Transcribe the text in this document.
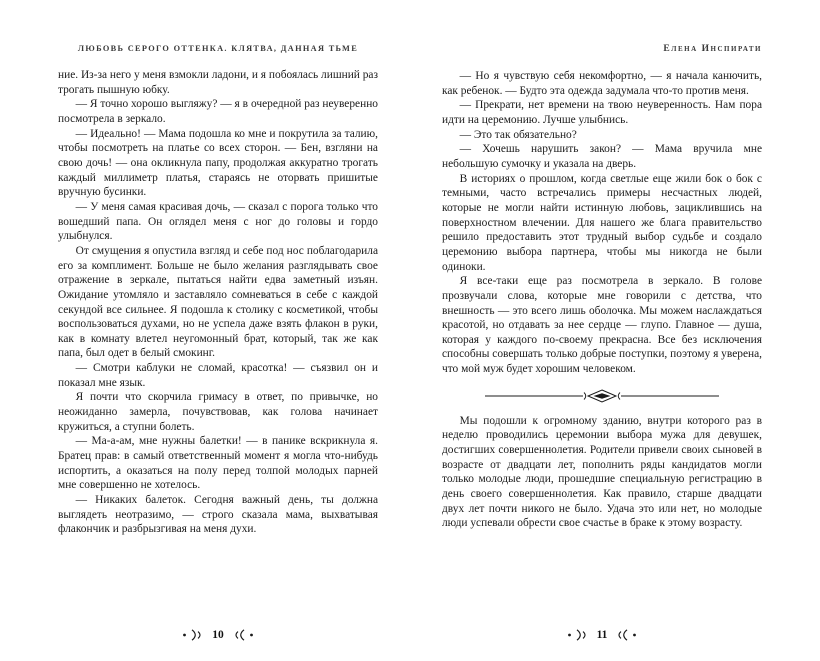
ЛЮБОВЬ СЕРОГО ОТТЕНКА. КЛЯТВА, ДАННАЯ ТЬМЕ

ние. Из-за него у меня взмокли ладони, и я побоялась лишний раз трогать пышную юбку.

— Я точно хорошо выгляжу? — я в очередной раз неуверенно посмотрела в зеркало.

— Идеально! — Мама подошла ко мне и покрутила за талию, чтобы посмотреть на платье со всех сторон. — Бен, взгляни на свою дочь! — она окликнула папу, продолжая аккуратно трогать каждый миллиметр платья, стараясь не оторвать пришитые вручную бусинки.

— У меня самая красивая дочь, — сказал с порога только что вошедший папа. Он оглядел меня с ног до головы и гордо улыбнулся.

От смущения я опустила взгляд и себе под нос поблагодарила его за комплимент. Больше не было желания разглядывать свое отражение в зеркале, пытаться найти едва заметный изъян. Ожидание утомляло и заставляло сомневаться в себе с каждой секундой все сильнее. Я подошла к столику с косметикой, чтобы воспользоваться духами, но не успела даже взять флакон в руки, как в комнату влетел неугомонный брат, который, так же как папа, был одет в белый смокинг.

— Смотри каблуки не сломай, красотка! — съязвил он и показал мне язык.

Я почти что скорчила гримасу в ответ, по привычке, но неожиданно замерла, почувствовав, как голова начинает кружиться, а ступни болеть.

— Ма-а-ам, мне нужны балетки! — в панике вскрикнула я. Братец прав: в самый ответственный момент я могла что-нибудь испортить, а оказаться на полу перед толпой молодых парней мне совершенно не хотелось.

— Никаких балеток. Сегодня важный день, ты должна выглядеть неотразимо, — строго сказала мама, выхватывая флакончик и разбрызгивая на меня духи.

10
Елена Инспирати

— Но я чувствую себя некомфортно, — я начала канючить, как ребенок. — Будто эта одежда задумала что-то против меня.

— Прекрати, нет времени на твою неуверенность. Нам пора идти на церемонию. Лучше улыбнись.

— Это так обязательно?

— Хочешь нарушить закон? — Мама вручила мне небольшую сумочку и указала на дверь.

В историях о прошлом, когда светлые еще жили бок о бок с темными, часто встречались примеры несчастных людей, которые не могли найти истинную любовь, зациклившись на поверхностном влечении. Для нашего же блага правительство решило предоставить этот трудный выбор судьбе и создало церемонию выбора партнера, чтобы мы никогда не были одиноки.

Я все-таки еще раз посмотрела в зеркало. В голове прозвучали слова, которые мне говорили с детства, что внешность — это всего лишь оболочка. Мы можем наслаждаться красотой, но отдавать за нее сердце — глупо. Главное — душа, которая у каждого по-своему прекрасна. Все без исключения способны совершать только добрые поступки, поэтому я уверена, что мой муж будет хорошим человеком.

Мы подошли к огромному зданию, внутри которого раз в неделю проводились церемонии выбора мужа для девушек, достигших совершеннолетия. Родители привели своих сыновей в возрасте от двадцати лет, пополнить ряды кандидатов могли только молодые люди, прошедшие специальную регистрацию в день своего совершеннолетия. Как правило, старше двадцати двух лет почти никого не было. Удача это или нет, но молодые люди успевали обрести свое счастье в браке к этому возрасту.

11
